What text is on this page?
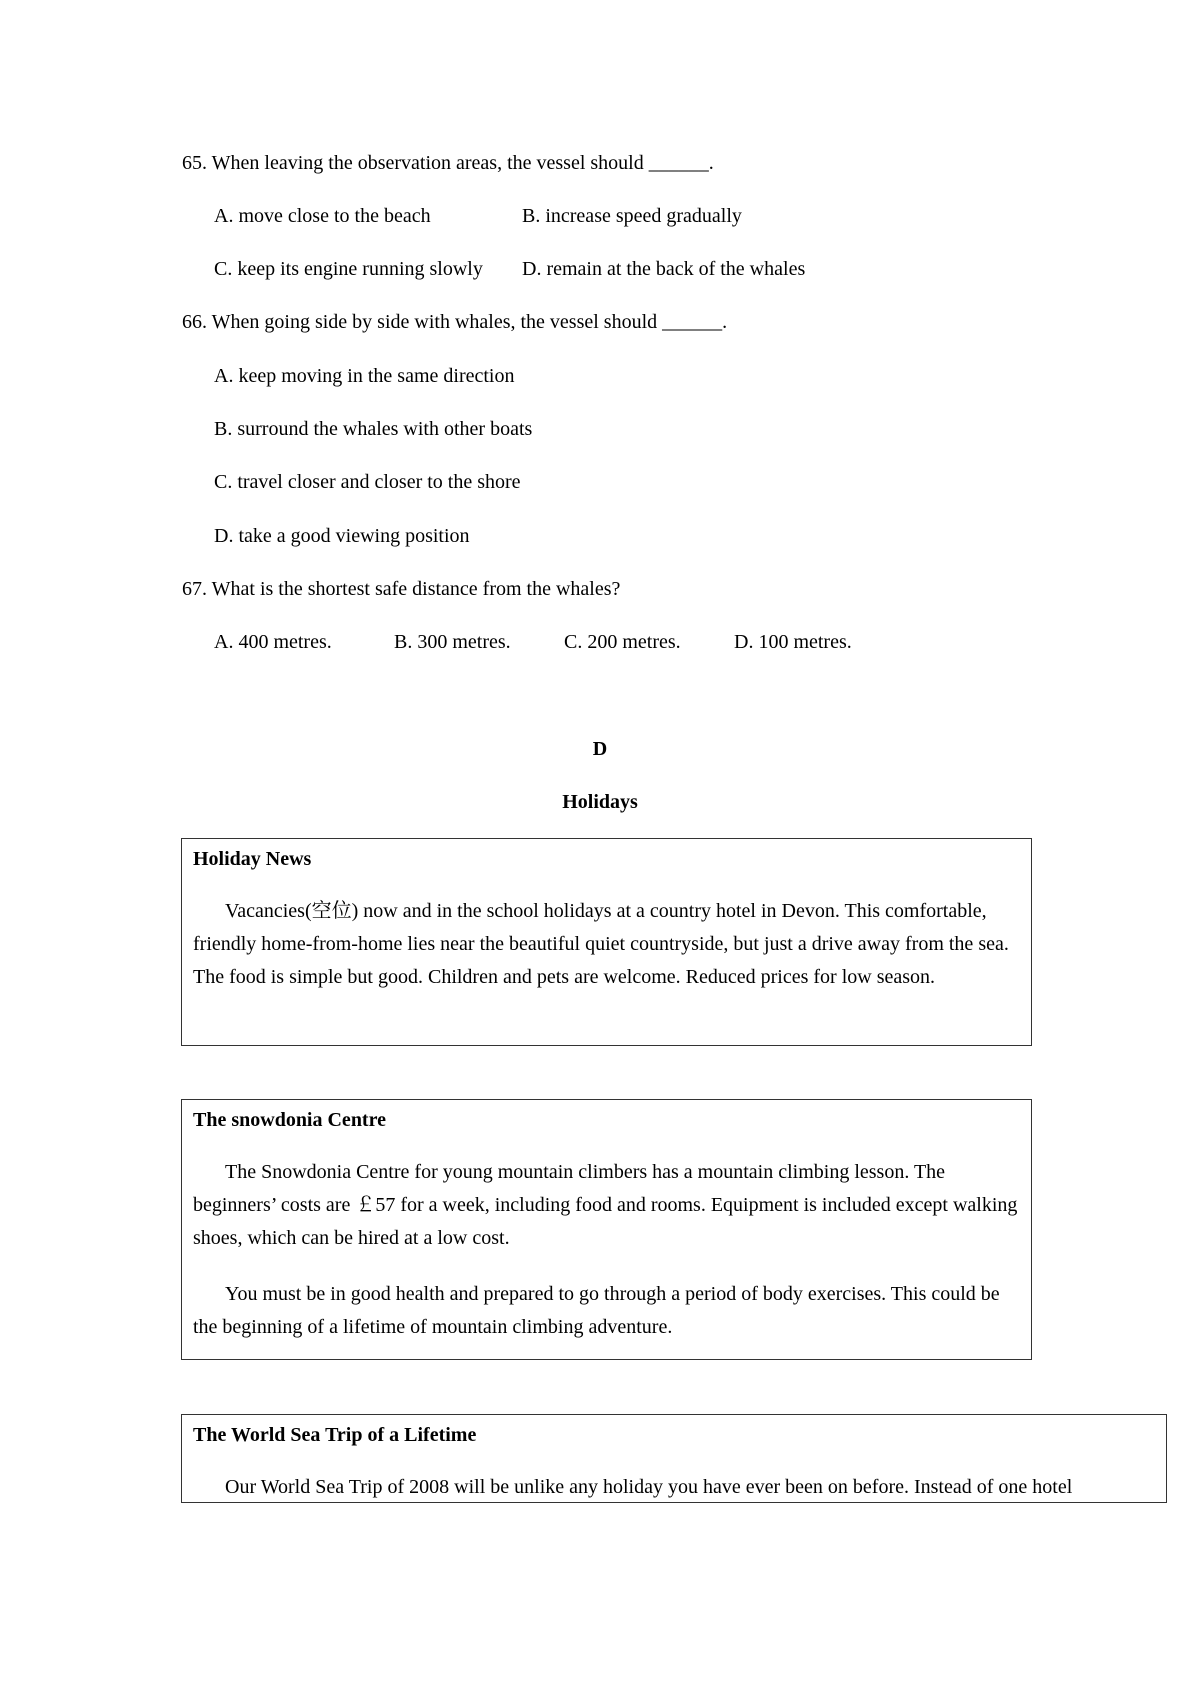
65. When leaving the observation areas, the vessel should ______.
A. move close to the beach	B. increase speed gradually
C. keep its engine running slowly D. remain at the back of the whales
66. When going side by side with whales, the vessel should ______.
A. keep moving in the same direction
B. surround the whales with other boats
C. travel closer and closer to the shore
D. take a good viewing position
67. What is the shortest safe distance from the whales?
A. 400 metres.	B. 300 metres.	C. 200 metres.	D. 100 metres.
D
Holidays
Holiday News
Vacancies(空位) now and in the school holidays at a country hotel in Devon. This comfortable, friendly home-from-home lies near the beautiful quiet countryside, but just a drive away from the sea. The food is simple but good. Children and pets are welcome. Reduced prices for low season.
The snowdonia Centre
The Snowdonia Centre for young mountain climbers has a mountain climbing lesson. The beginners’ costs are ￡57 for a week, including food and rooms. Equipment is included except walking shoes, which can be hired at a low cost.
You must be in good health and prepared to go through a period of body exercises. This could be the beginning of a lifetime of mountain climbing adventure.
The World Sea Trip of a Lifetime
Our World Sea Trip of 2008 will be unlike any holiday you have ever been on before. Instead of one hotel
